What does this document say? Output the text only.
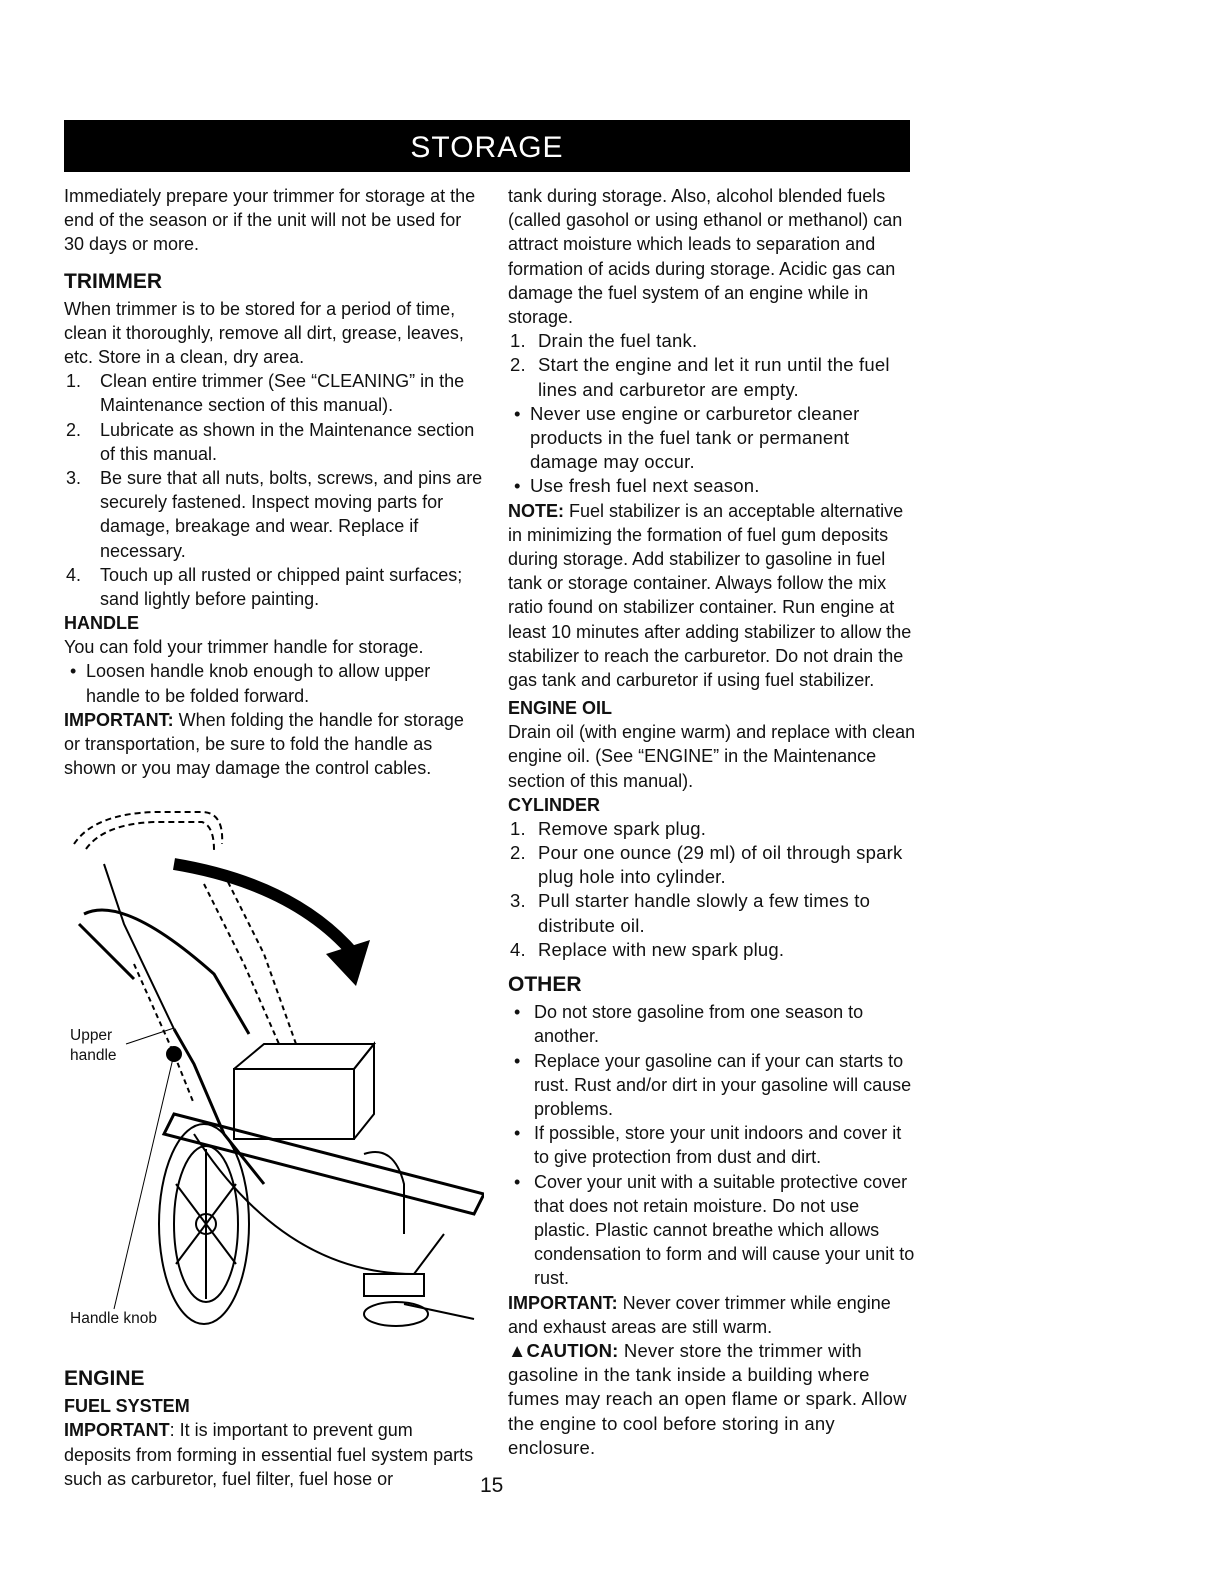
STORAGE

Immediately prepare your trimmer for storage at the end of the season or if the unit will not be used for 30 days or more.

TRIMMER

When trimmer is to be stored for a period of time, clean it thoroughly, remove all dirt, grease, leaves, etc. Store in a clean, dry area.

1. Clean entire trimmer (See “CLEANING” in the Maintenance section of this manual).
2. Lubricate as shown in the Maintenance section of this manual.
3. Be sure that all nuts, bolts, screws, and pins are securely fastened. Inspect moving parts for damage, breakage and wear. Replace if necessary.
4. Touch up all rusted or chipped paint surfaces; sand lightly before painting.

HANDLE

You can fold your trimmer handle for storage.

• Loosen handle knob enough to allow upper handle to be folded forward.

IMPORTANT: When folding the handle for storage or transportation, be sure to fold the handle as shown or you may damage the control cables.

Upper handle
Handle knob

ENGINE

FUEL SYSTEM

IMPORTANT: It is important to prevent gum deposits from forming in essential fuel system parts such as carburetor, fuel filter, fuel hose or

tank during storage. Also, alcohol blended fuels (called gasohol or using ethanol or methanol) can attract moisture which leads to separation and formation of acids during storage. Acidic gas can damage the fuel system of an engine while in storage.

1. Drain the fuel tank.
2. Start the engine and let it run until the fuel lines and carburetor are empty.
• Never use engine or carburetor cleaner products in the fuel tank or permanent damage may occur.
• Use fresh fuel next season.

NOTE: Fuel stabilizer is an acceptable alternative in minimizing the formation of fuel gum deposits during storage. Add stabilizer to gasoline in fuel tank or storage container. Always follow the mix ratio found on stabilizer container. Run engine at least 10 minutes after adding stabilizer to allow the stabilizer to reach the carburetor. Do not drain the gas tank and carburetor if using fuel stabilizer.

ENGINE OIL

Drain oil (with engine warm) and replace with clean engine oil. (See “ENGINE” in the Maintenance section of this manual).

CYLINDER

1. Remove spark plug.
2. Pour one ounce (29 ml) of oil through spark plug hole into cylinder.
3. Pull starter handle slowly a few times to distribute oil.
4. Replace with new spark plug.

OTHER

• Do not store gasoline from one season to another.
• Replace your gasoline can if your can starts to rust. Rust and/or dirt in your gasoline will cause problems.
• If possible, store your unit indoors and cover it to give protection from dust and dirt.
• Cover your unit with a suitable protective cover that does not retain moisture. Do not use plastic. Plastic cannot breathe which allows condensation to form and will cause your unit to rust.

IMPORTANT: Never cover trimmer while engine and exhaust areas are still warm.

▲CAUTION: Never store the trimmer with gasoline in the tank inside a building where fumes may reach an open flame or spark. Allow the engine to cool before storing in any enclosure.

15
